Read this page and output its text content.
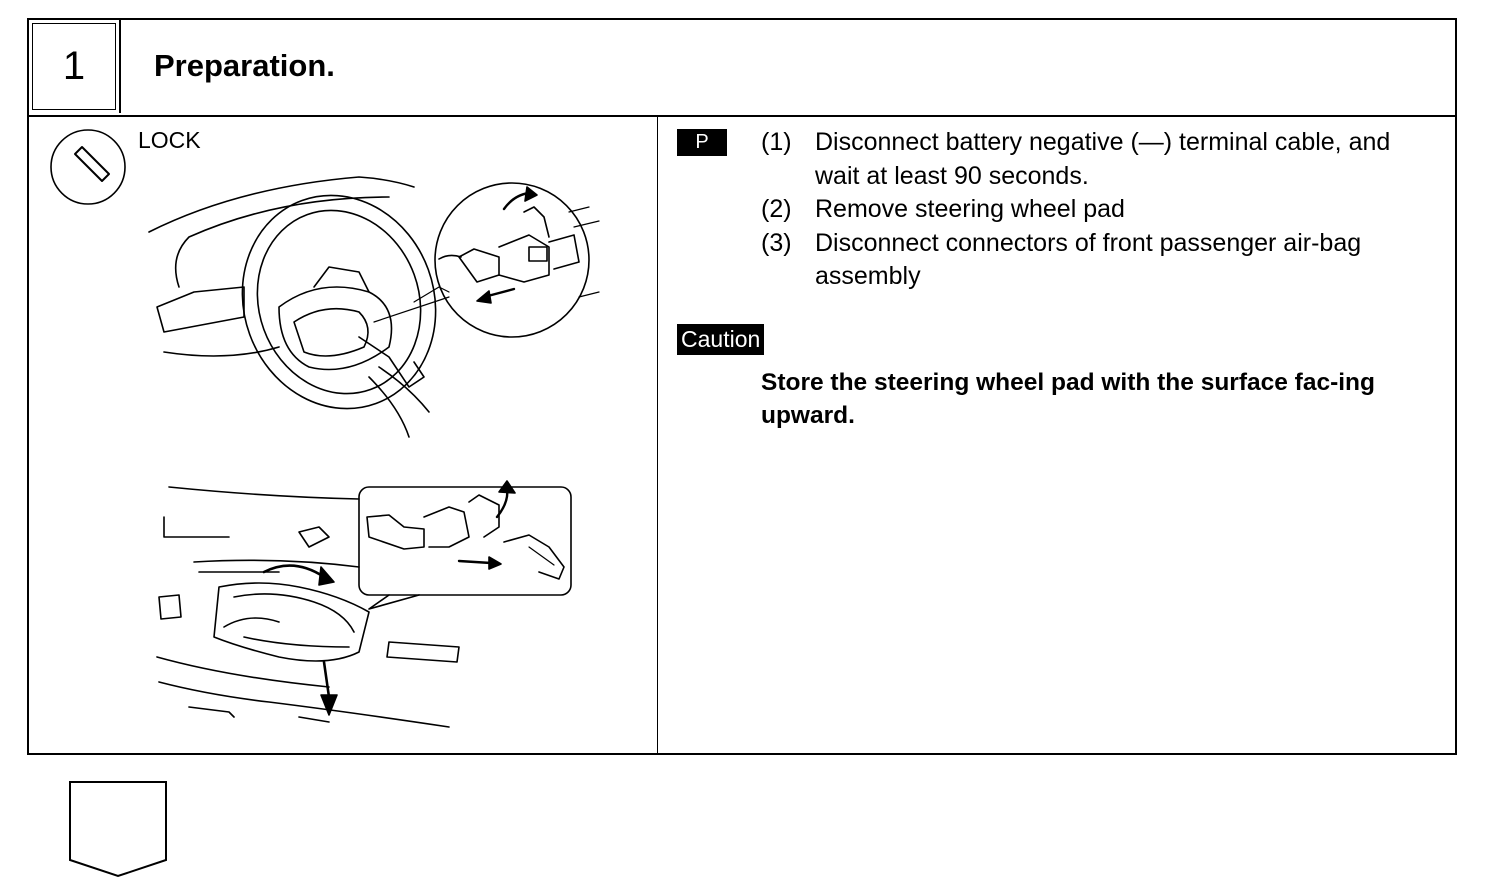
1 Preparation.
LOCK	P	(1) Disconnect battery negative (—) terminal cable, and wait at least 90 seconds.
(2) Remove steering wheel pad
(3) Disconnect connectors of front passenger air-bag assembly
Caution
Store the steering wheel pad with the surface fac-ing upward.
